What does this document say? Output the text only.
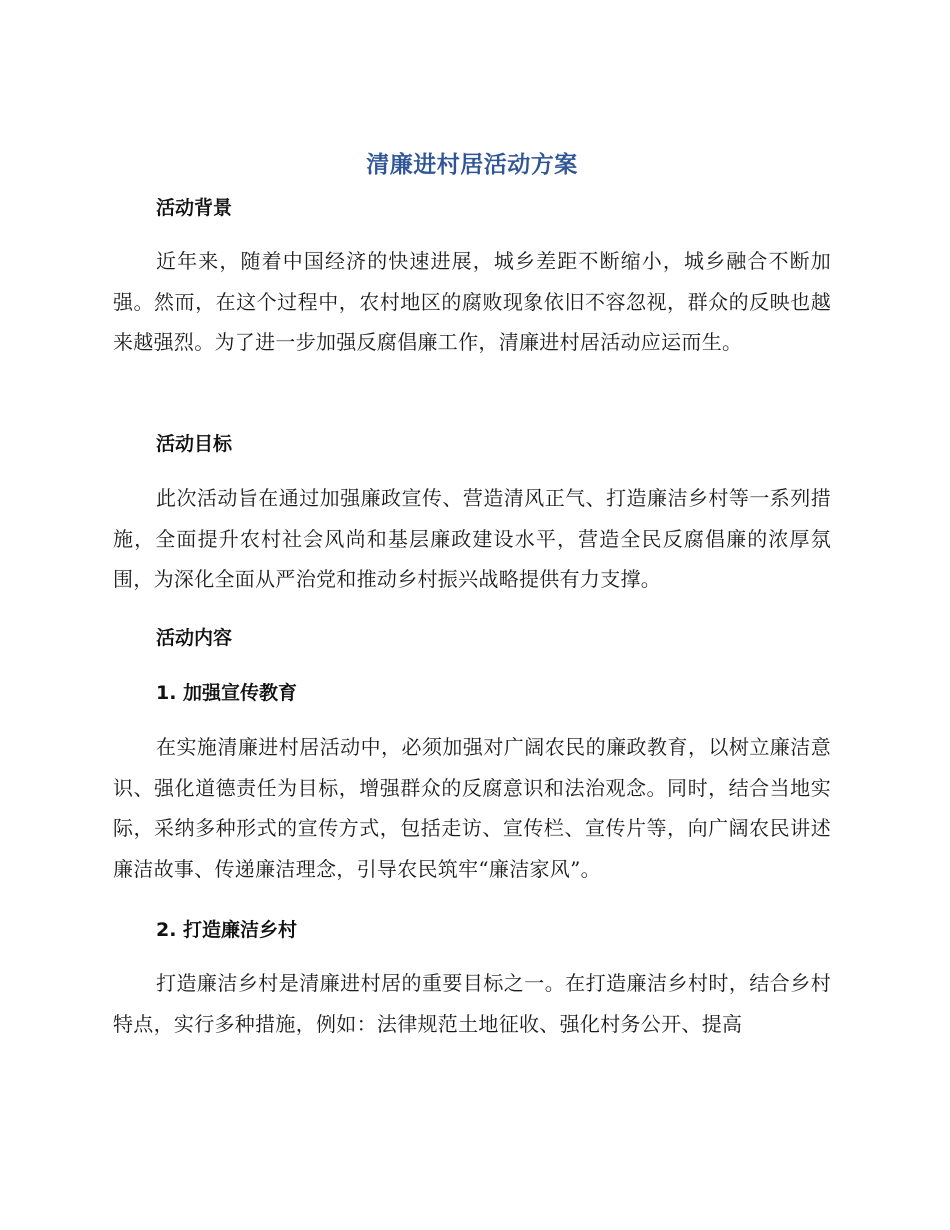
清廉进村居活动方案
活动背景
近年来，随着中国经济的快速进展，城乡差距不断缩小，城乡融合不断加强。然而，在这个过程中，农村地区的腐败现象依旧不容忽视，群众的反映也越来越强烈。为了进一步加强反腐倡廉工作，清廉进村居活动应运而生。
活动目标
此次活动旨在通过加强廉政宣传、营造清风正气、打造廉洁乡村等一系列措施，全面提升农村社会风尚和基层廉政建设水平，营造全民反腐倡廉的浓厚氛围，为深化全面从严治党和推动乡村振兴战略提供有力支撑。
活动内容
1. 加强宣传教育
在实施清廉进村居活动中，必须加强对广阔农民的廉政教育，以树立廉洁意识、强化道德责任为目标，增强群众的反腐意识和法治观念。同时，结合当地实际，采纳多种形式的宣传方式，包括走访、宣传栏、宣传片等，向广阔农民讲述廉洁故事、传递廉洁理念，引导农民筑牢“廉洁家风”。
2. 打造廉洁乡村
打造廉洁乡村是清廉进村居的重要目标之一。在打造廉洁乡村时，结合乡村特点，实行多种措施，例如：法律规范土地征收、强化村务公开、提高
